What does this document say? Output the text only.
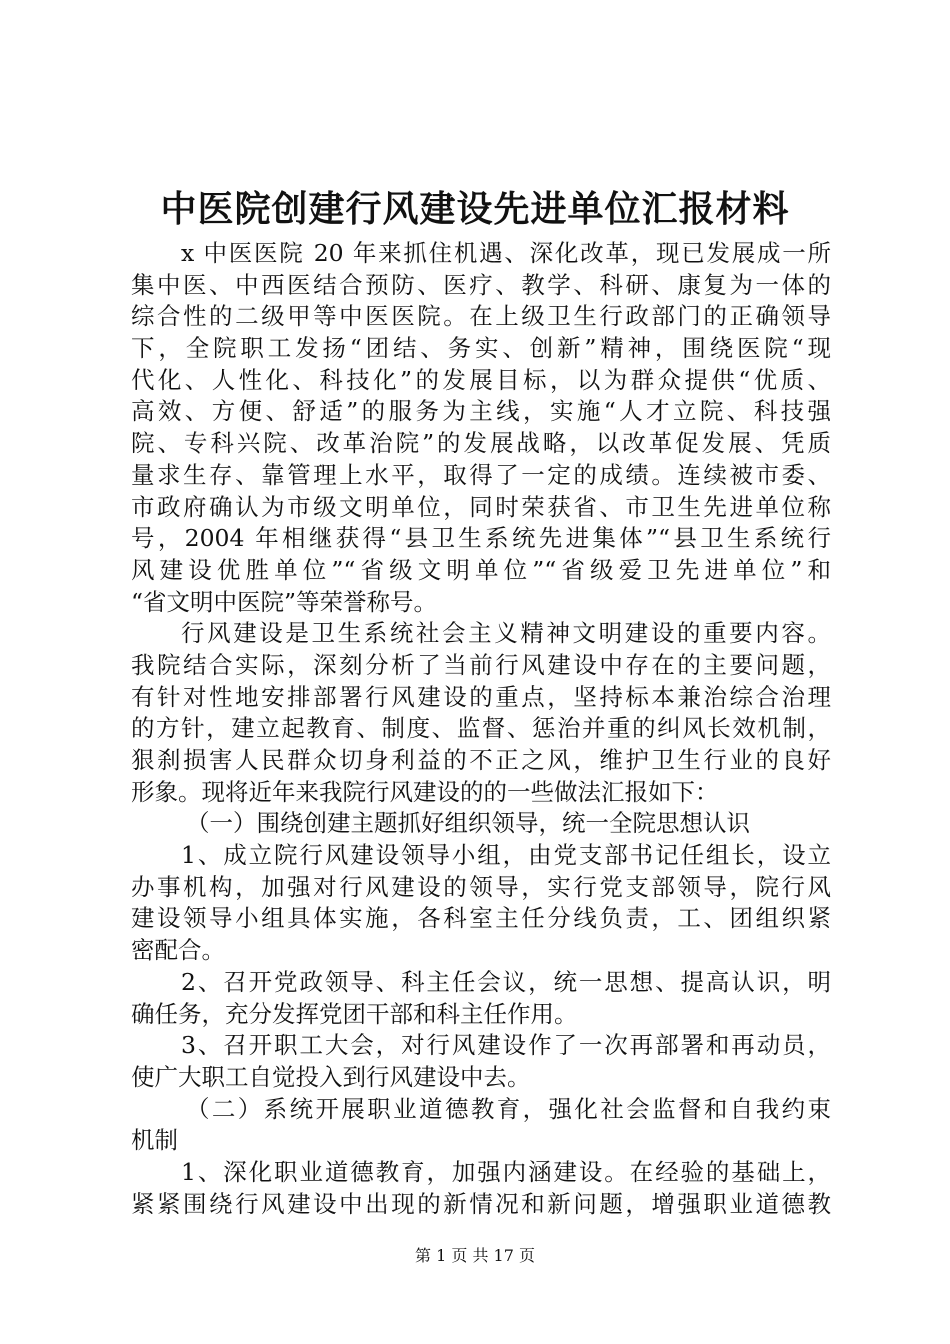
中医院创建行风建设先进单位汇报材料
x 中医医院 20 年来抓住机遇、深化改革，现已发展成一所
集中医、中西医结合预防、医疗、教学、科研、康复为一体的
综合性的二级甲等中医医院。在上级卫生行政部门的正确领导
下，全院职工发扬“团结、务实、创新”精神，围绕医院“现
代化、人性化、科技化”的发展目标，以为群众提供“优质、
高效、方便、舒适”的服务为主线，实施“人才立院、科技强
院、专科兴院、改革治院”的发展战略，以改革促发展、凭质
量求生存、靠管理上水平，取得了一定的成绩。连续被市委、
市政府确认为市级文明单位，同时荣获省、市卫生先进单位称
号，2004 年相继获得“县卫生系统先进集体”“县卫生系统行
风建设优胜单位”“省级文明单位”“省级爱卫先进单位”和
“省文明中医院”等荣誉称号。
行风建设是卫生系统社会主义精神文明建设的重要内容。
我院结合实际，深刻分析了当前行风建设中存在的主要问题，
有针对性地安排部署行风建设的重点，坚持标本兼治综合治理
的方针，建立起教育、制度、监督、惩治并重的纠风长效机制，
狠刹损害人民群众切身利益的不正之风，维护卫生行业的良好
形象。现将近年来我院行风建设的的一些做法汇报如下：
（一）围绕创建主题抓好组织领导，统一全院思想认识
1、成立院行风建设领导小组，由党支部书记任组长，设立
办事机构，加强对行风建设的领导，实行党支部领导，院行风
建设领导小组具体实施，各科室主任分线负责，工、团组织紧
密配合。
2、召开党政领导、科主任会议，统一思想、提高认识，明
确任务，充分发挥党团干部和科主任作用。
3、召开职工大会，对行风建设作了一次再部署和再动员，
使广大职工自觉投入到行风建设中去。
（二）系统开展职业道德教育，强化社会监督和自我约束
机制
1、深化职业道德教育，加强内涵建设。在经验的基础上，
紧紧围绕行风建设中出现的新情况和新问题，增强职业道德教
第 1 页 共 17 页
